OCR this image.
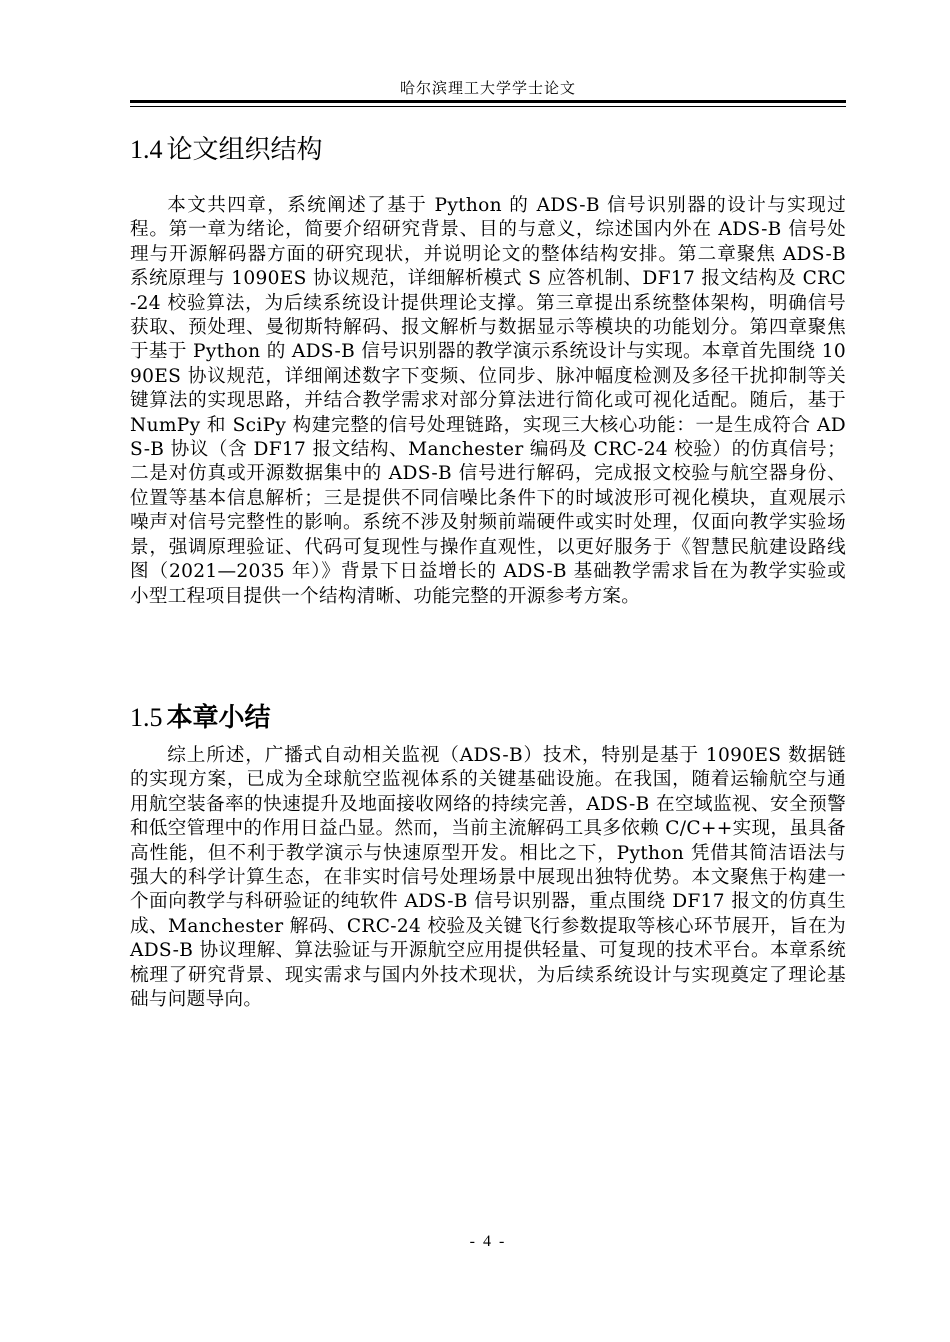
哈尔滨理工大学学士论文
1.4 论文组织结构

本文共四章，系统阐述了基于 Python 的 ADS-B 信号识别器的设计与实现过程。第一章为绪论，简要介绍研究背景、目的与意义，综述国内外在 ADS-B 信号处理与开源解码器方面的研究现状，并说明论文的整体结构安排。第二章聚焦 ADS-B 系统原理与 1090ES 协议规范，详细解析模式 S 应答机制、DF17 报文结构及 CRC-24 校验算法，为后续系统设计提供理论支撑。第三章提出系统整体架构，明确信号获取、预处理、曼彻斯特解码、报文解析与数据显示等模块的功能划分。第四章聚焦于基于 Python 的 ADS-B 信号识别器的教学演示系统设计与实现。本章首先围绕 1090ES 协议规范，详细阐述数字下变频、位同步、脉冲幅度检测及多径干扰抑制等关键算法的实现思路，并结合教学需求对部分算法进行简化或可视化适配。随后，基于 NumPy 和 SciPy 构建完整的信号处理链路，实现三大核心功能：一是生成符合 ADS-B 协议（含 DF17 报文结构、Manchester 编码及 CRC-24 校验）的仿真信号；二是对仿真或开源数据集中的 ADS-B 信号进行解码，完成报文校验与航空器身份、位置等基本信息解析；三是提供不同信噪比条件下的时域波形可视化模块，直观展示噪声对信号完整性的影响。系统不涉及射频前端硬件或实时处理，仅面向教学实验场景，强调原理验证、代码可复现性与操作直观性，以更好服务于《智慧民航建设路线图（2021—2035 年）》背景下日益增长的 ADS-B 基础教学需求旨在为教学实验或小型工程项目提供一个结构清晰、功能完整的开源参考方案。

1.5 本章小结

综上所述，广播式自动相关监视（ADS-B）技术，特别是基于 1090ES 数据链的实现方案，已成为全球航空监视体系的关键基础设施。在我国，随着运输航空与通用航空装备率的快速提升及地面接收网络的持续完善，ADS-B 在空域监视、安全预警和低空管理中的作用日益凸显。然而，当前主流解码工具多依赖 C/C++实现，虽具备高性能，但不利于教学演示与快速原型开发。相比之下，Python 凭借其简洁语法与强大的科学计算生态，在非实时信号处理场景中展现出独特优势。本文聚焦于构建一个面向教学与科研验证的纯软件 ADS-B 信号识别器，重点围绕 DF17 报文的仿真生成、Manchester 解码、CRC-24 校验及关键飞行参数提取等核心环节展开，旨在为 ADS-B 协议理解、算法验证与开源航空应用提供轻量、可复现的技术平台。本章系统梳理了研究背景、现实需求与国内外技术现状，为后续系统设计与实现奠定了理论基础与问题导向。

- 4 -
